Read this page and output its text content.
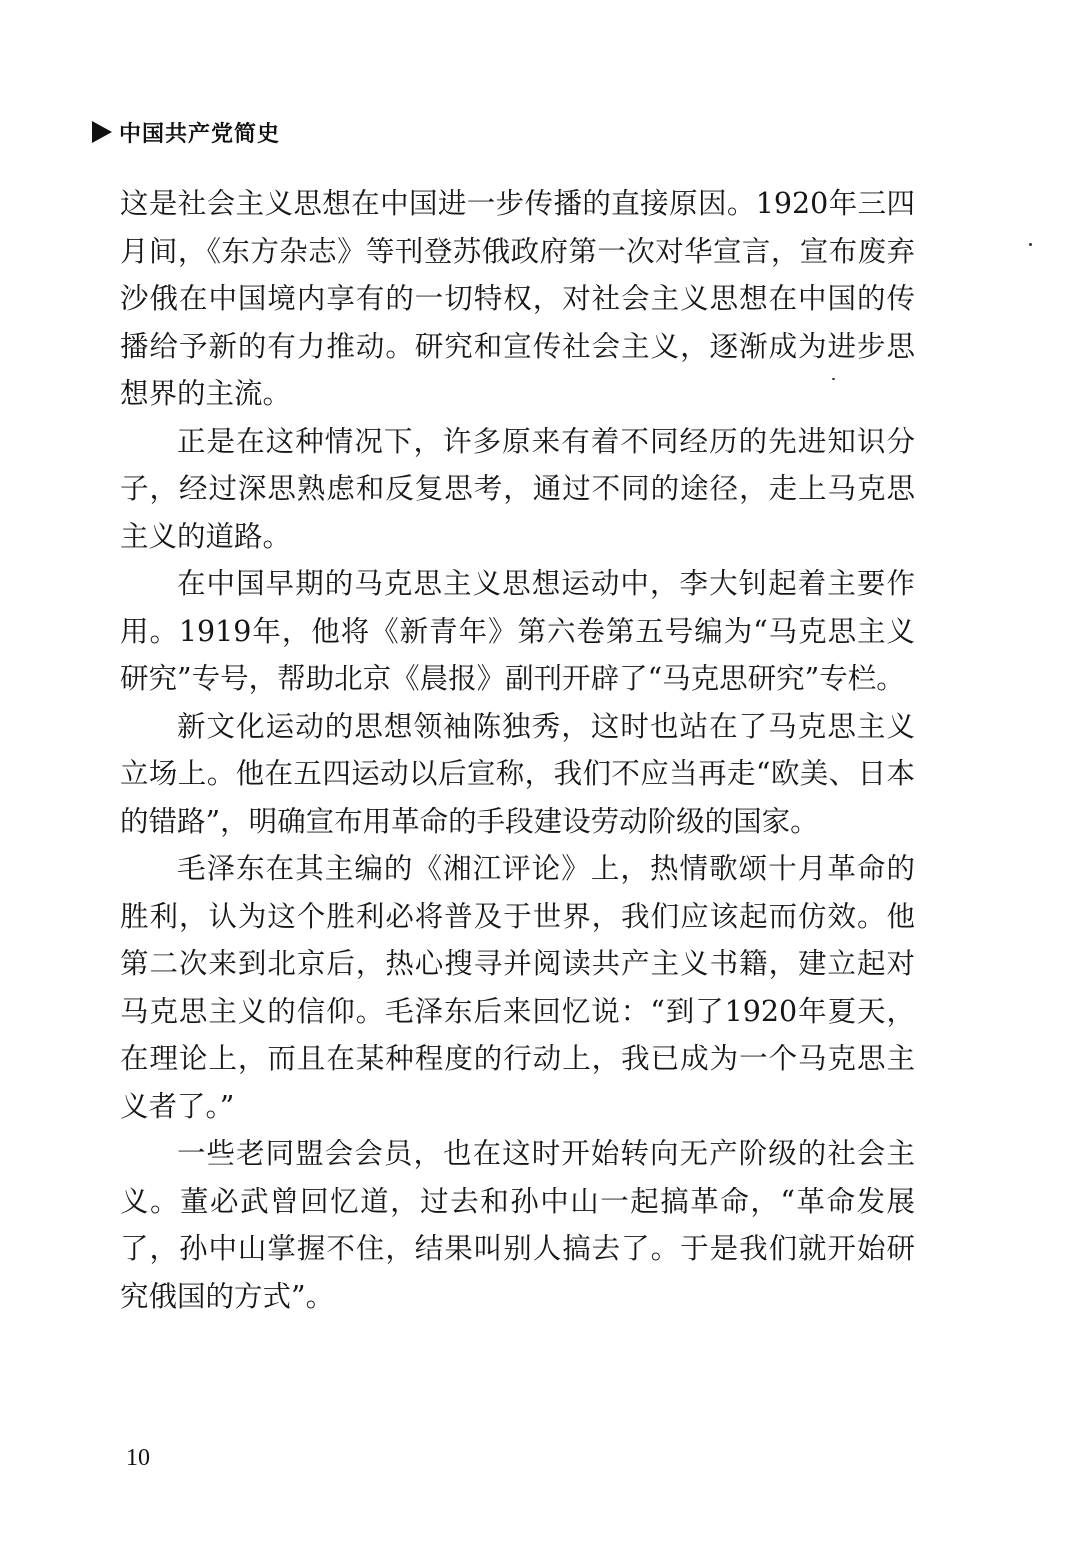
中国共产党简史

这是社会主义思想在中国进一步传播的直接原因。1920年三四月间，《东方杂志》等刊登苏俄政府第一次对华宣言，宣布废弃沙俄在中国境内享有的一切特权，对社会主义思想在中国的传播给予新的有力推动。研究和宣传社会主义，逐渐成为进步思想界的主流。

正是在这种情况下，许多原来有着不同经历的先进知识分子，经过深思熟虑和反复思考，通过不同的途径，走上马克思主义的道路。

在中国早期的马克思主义思想运动中，李大钊起着主要作用。1919年，他将《新青年》第六卷第五号编为“马克思主义研究”专号，帮助北京《晨报》副刊开辟了“马克思研究”专栏。

新文化运动的思想领袖陈独秀，这时也站在了马克思主义立场上。他在五四运动以后宣称，我们不应当再走“欧美、日本的错路”，明确宣布用革命的手段建设劳动阶级的国家。

毛泽东在其主编的《湘江评论》上，热情歌颂十月革命的胜利，认为这个胜利必将普及于世界，我们应该起而仿效。他第二次来到北京后，热心搜寻并阅读共产主义书籍，建立起对马克思主义的信仰。毛泽东后来回忆说：“到了1920年夏天，在理论上，而且在某种程度的行动上，我已成为一个马克思主义者了。”

一些老同盟会会员，也在这时开始转向无产阶级的社会主义。董必武曾回忆道，过去和孙中山一起搞革命，“革命发展了，孙中山掌握不住，结果叫别人搞去了。于是我们就开始研究俄国的方式”。

10
